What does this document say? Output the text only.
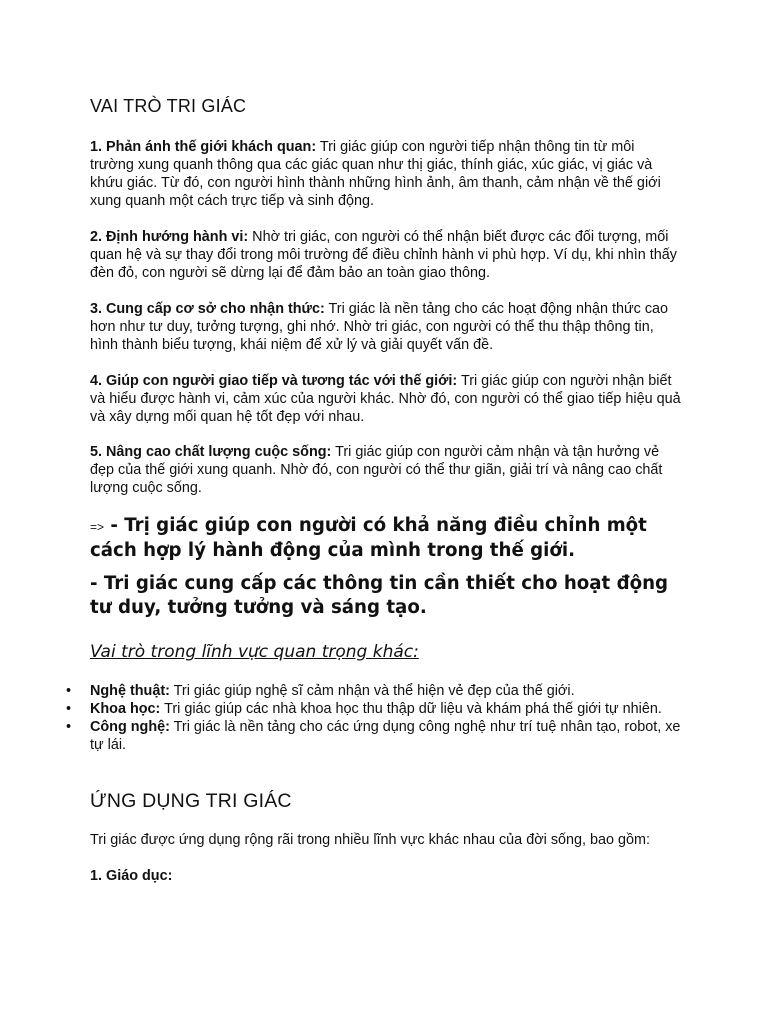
VAI TRÒ TRI GIÁC

1. Phản ánh thế giới khách quan: Tri giác giúp con người tiếp nhận thông tin từ môi trường xung quanh thông qua các giác quan như thị giác, thính giác, xúc giác, vị giác và khứu giác. Từ đó, con người hình thành những hình ảnh, âm thanh, cảm nhận về thế giới xung quanh một cách trực tiếp và sinh động.

2. Định hướng hành vi: Nhờ tri giác, con người có thể nhận biết được các đối tượng, mối quan hệ và sự thay đổi trong môi trường để điều chỉnh hành vi phù hợp. Ví dụ, khi nhìn thấy đèn đỏ, con người sẽ dừng lại để đảm bảo an toàn giao thông.

3. Cung cấp cơ sở cho nhận thức: Tri giác là nền tảng cho các hoạt động nhận thức cao hơn như tư duy, tưởng tượng, ghi nhớ. Nhờ tri giác, con người có thể thu thập thông tin, hình thành biểu tượng, khái niệm để xử lý và giải quyết vấn đề.

4. Giúp con người giao tiếp và tương tác với thế giới: Tri giác giúp con người nhận biết và hiểu được hành vi, cảm xúc của người khác. Nhờ đó, con người có thể giao tiếp hiệu quả và xây dựng mối quan hệ tốt đẹp với nhau.

5. Nâng cao chất lượng cuộc sống: Tri giác giúp con người cảm nhận và tận hưởng vẻ đẹp của thế giới xung quanh. Nhờ đó, con người có thể thư giãn, giải trí và nâng cao chất lượng cuộc sống.

=> - Trị giác giúp con người có khả năng điều chỉnh một cách hợp lý hành động của mình trong thế giới.

- Tri giác cung cấp các thông tin cần thiết cho hoạt động tư duy, tưởng tưởng và sáng tạo.

Vai trò trong lĩnh vực quan trọng khác:

• Nghệ thuật: Tri giác giúp nghệ sĩ cảm nhận và thể hiện vẻ đẹp của thế giới.
• Khoa học: Tri giác giúp các nhà khoa học thu thập dữ liệu và khám phá thế giới tự nhiên.
• Công nghệ: Tri giác là nền tảng cho các ứng dụng công nghệ như trí tuệ nhân tạo, robot, xe tự lái.
ỨNG DỤNG TRI GIÁC

Tri giác được ứng dụng rộng rãi trong nhiều lĩnh vực khác nhau của đời sống, bao gồm:

1. Giáo dục:
